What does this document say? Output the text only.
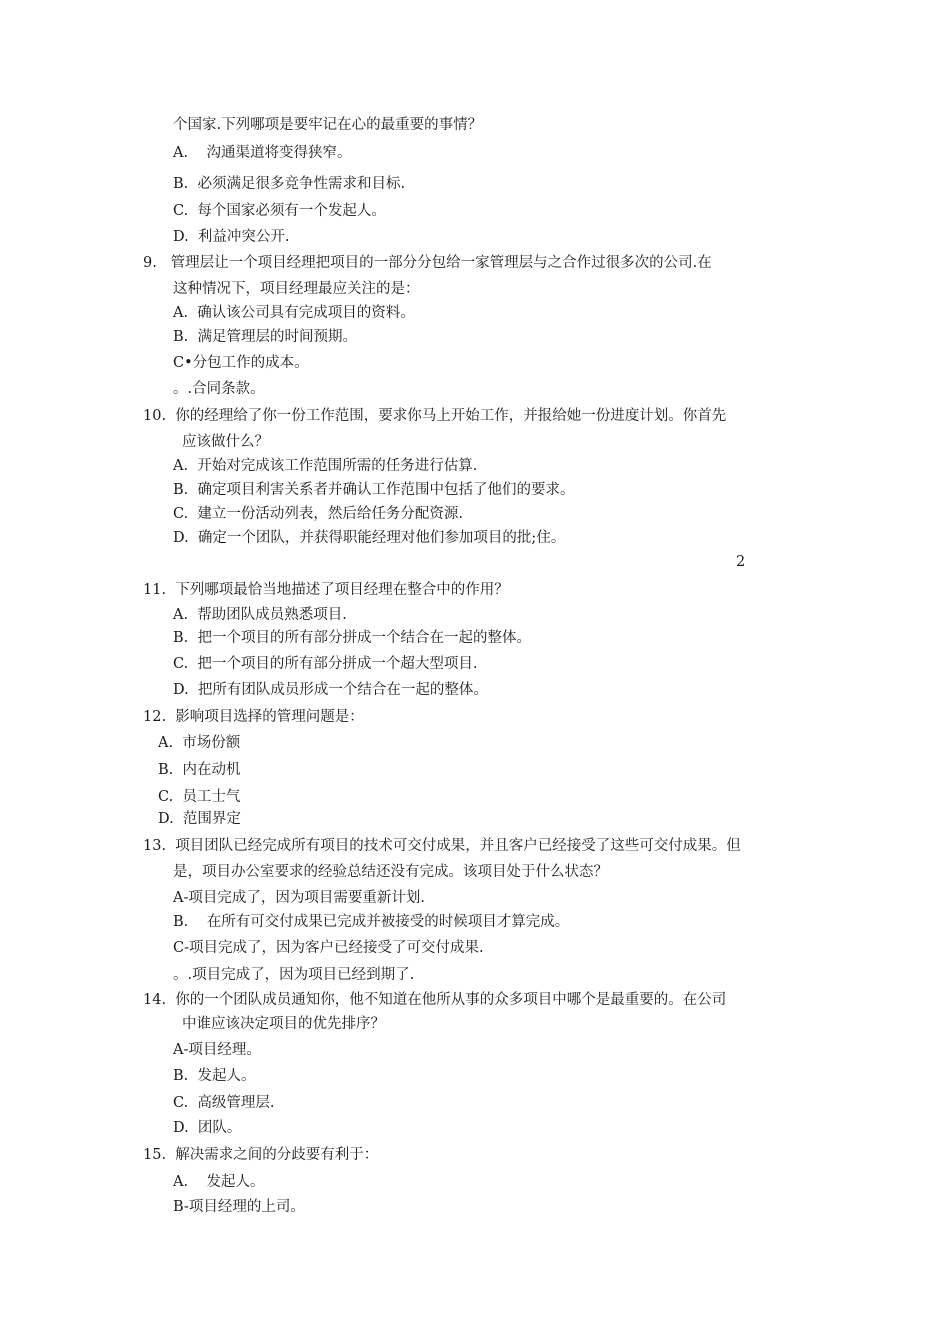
个国家.下列哪项是要牢记在心的最重要的事情？
A.    沟通渠道将变得狭窄。
B.  必须满足很多竞争性需求和目标.
C.  每个国家必须有一个发起人。
D.  利益冲突公开.
9.   管理层让一个项目经理把项目的一部分分包给一家管理层与之合作过很多次的公司.在
这种情况下，项目经理最应关注的是：
A.  确认该公司具有完成项目的资料。
B.  满足管理层的时间预期。
C•分包工作的成本。
。.合同条款。
10.  你的经理给了你一份工作范围，要求你马上开始工作，并报给她一份进度计划。你首先
应该做什么？
A.  开始对完成该工作范围所需的任务进行估算.
B.  确定项目利害关系者并确认工作范围中包括了他们的要求。
C.  建立一份活动列表，然后给任务分配资源.
D.  确定一个团队，并获得职能经理对他们参加项目的批;住。
2
11.  下列哪项最恰当地描述了项目经理在整合中的作用？
A.  帮助团队成员熟悉项目.
B.  把一个项目的所有部分拼成一个结合在一起的整体。
C.  把一个项目的所有部分拼成一个超大型项目.
D.  把所有团队成员形成一个结合在一起的整体。
12.  影响项目选择的管理问题是：
A.  市场份额
B.  内在动机
C.  员工士气
D.  范围界定
13.  项目团队已经完成所有项目的技术可交付成果，并且客户已经接受了这些可交付成果。但
是，项目办公室要求的经验总结还没有完成。该项目处于什么状态？
A-项目完成了，因为项目需要重新计划.
B.    在所有可交付成果已完成并被接受的时候项目才算完成。
C-项目完成了，因为客户已经接受了可交付成果.
。.项目完成了，因为项目已经到期了.
14.  你的一个团队成员通知你，他不知道在他所从事的众多项目中哪个是最重要的。在公司
中谁应该决定项目的优先排序？
A-项目经理。
B.  发起人。
C.  高级管理层.
D.  团队。
15.  解决需求之间的分歧要有利于：
A.    发起人。
B-项目经理的上司。
